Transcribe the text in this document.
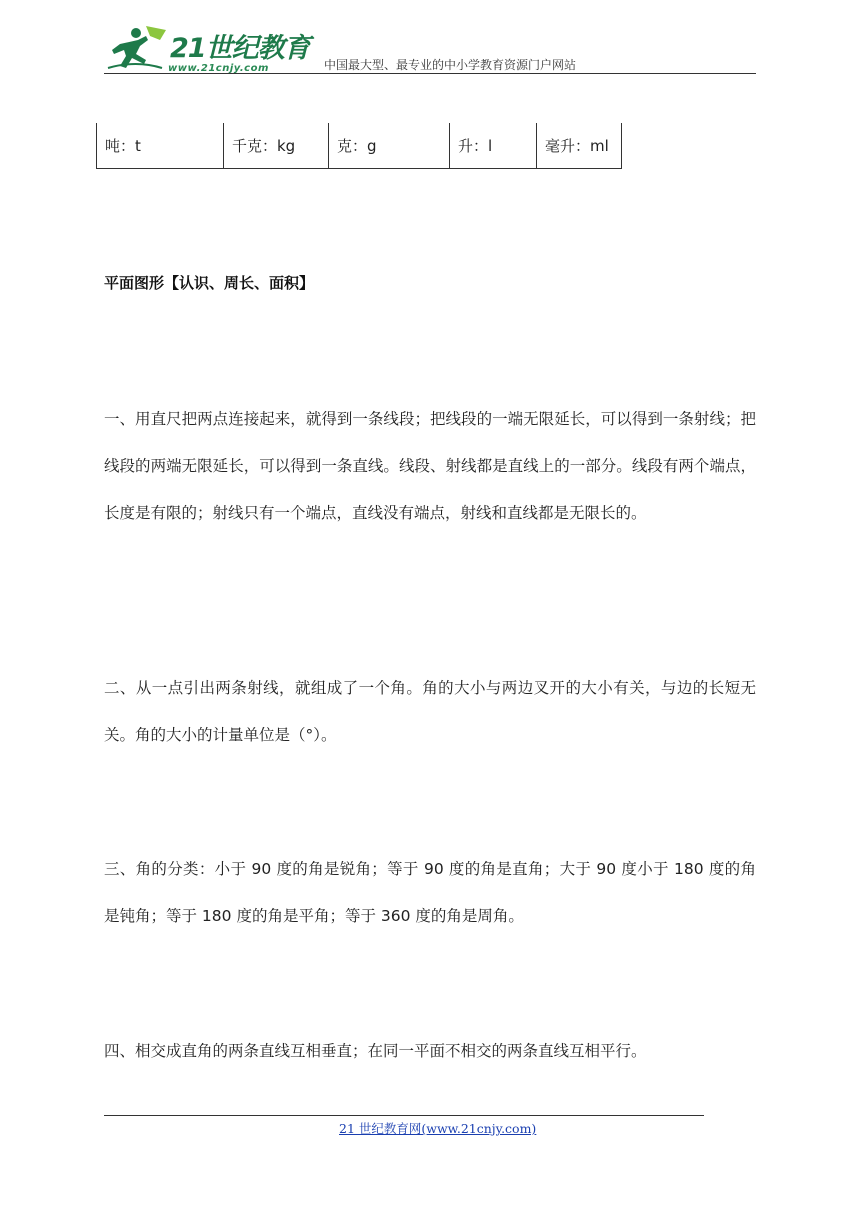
21世纪教育
www.21cnjy.com	中国最大型、最专业的中小学教育资源门户网站
吨：t	千克：kg	克：g	升：l	毫升：ml
平面图形【认识、周长、面积】
一、用直尺把两点连接起来，就得到一条线段；把线段的一端无限延长，可以得到一条射线；把线段的两端无限延长，可以得到一条直线。线段、射线都是直线上的一部分。线段有两个端点，长度是有限的；射线只有一个端点，直线没有端点，射线和直线都是无限长的。
二、从一点引出两条射线，就组成了一个角。角的大小与两边叉开的大小有关，与边的长短无关。角的大小的计量单位是（°）。
三、角的分类：小于 90 度的角是锐角；等于 90 度的角是直角；大于 90 度小于 180 度的角是钝角；等于 180 度的角是平角；等于 360 度的角是周角。
四、相交成直角的两条直线互相垂直；在同一平面不相交的两条直线互相平行。
21 世纪教育网(www.21cnjy.com)
